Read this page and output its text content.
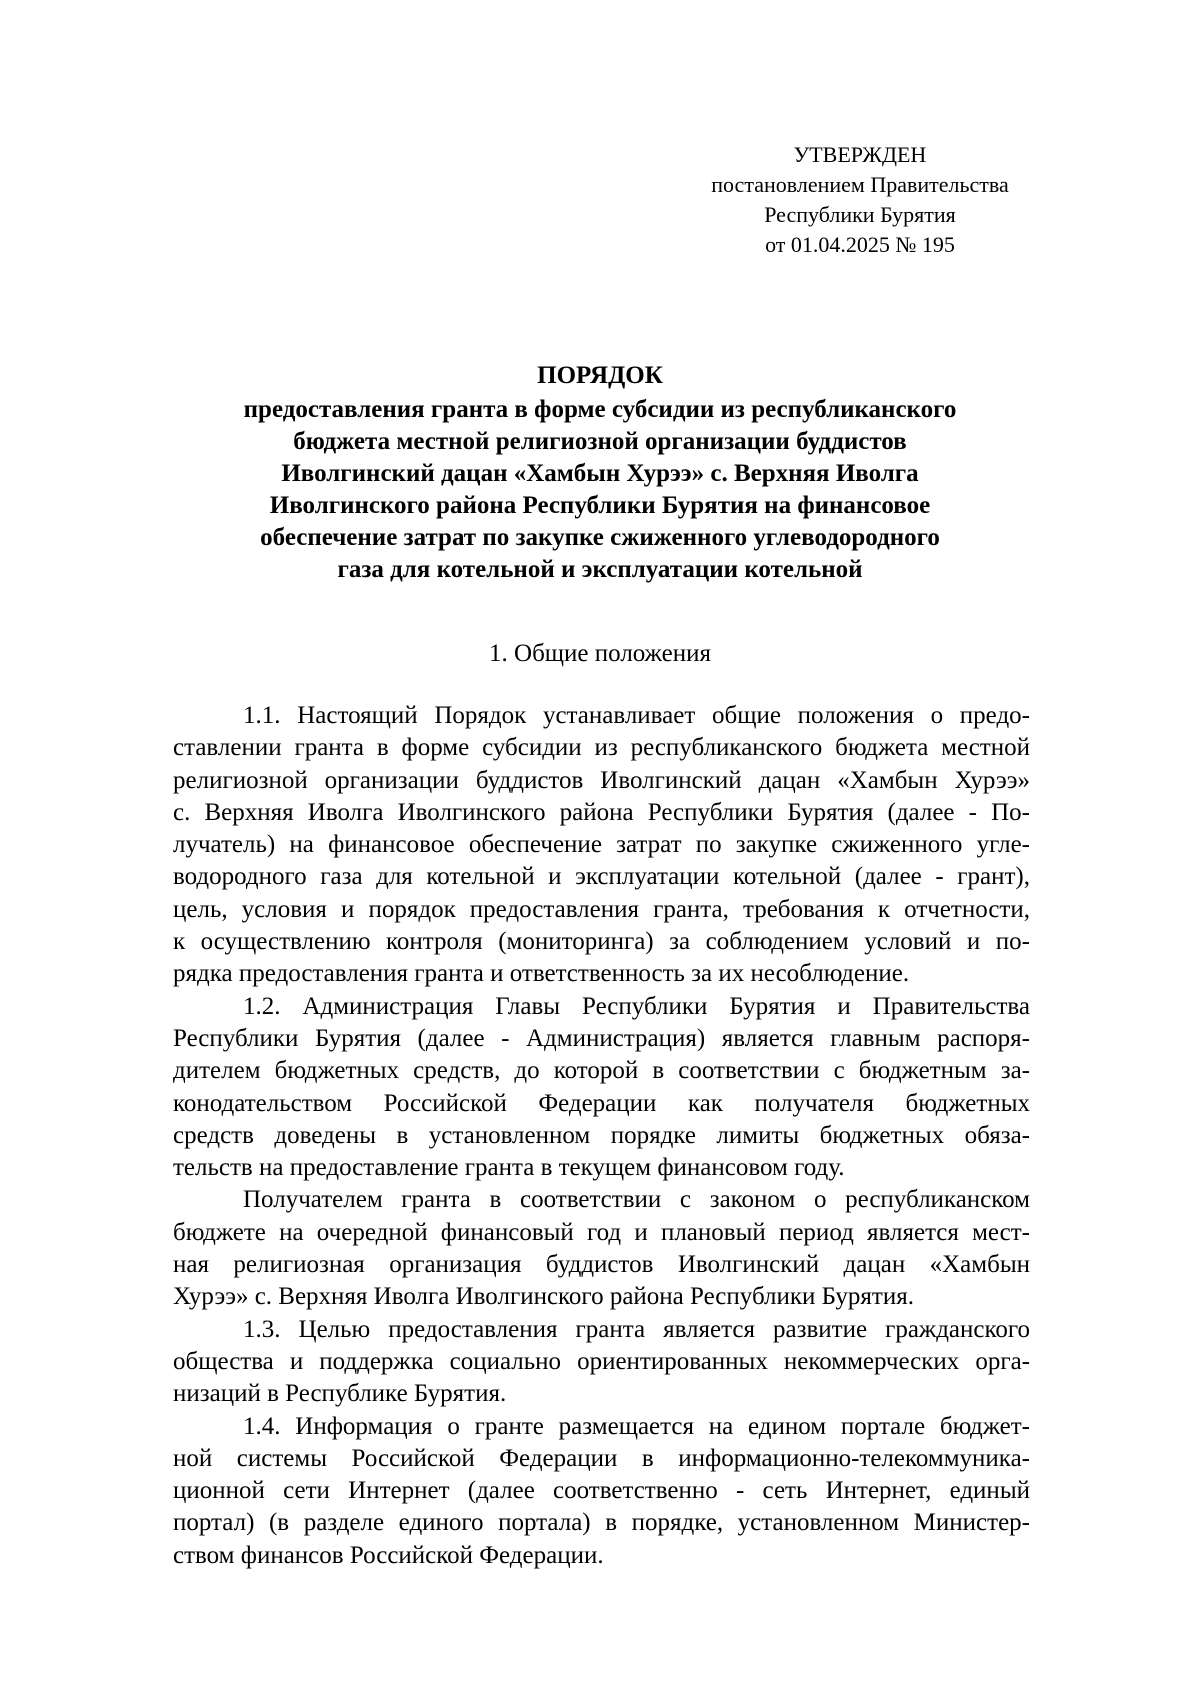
УТВЕРЖДЕН
постановлением Правительства
Республики Бурятия
от 01.04.2025 № 195
ПОРЯДОК
предоставления гранта в форме субсидии из республиканского
бюджета местной религиозной организации буддистов
Иволгинский дацан «Хамбын Хурээ» с. Верхняя Иволга
Иволгинского района Республики Бурятия на финансовое
обеспечение затрат по закупке сжиженного углеводородного
газа для котельной и эксплуатации котельной
1. Общие положения
1.1. Настоящий Порядок устанавливает общие положения о предо-
ставлении гранта в форме субсидии из республиканского бюджета местной
религиозной организации буддистов Иволгинский дацан «Хамбын Хурээ»
с. Верхняя Иволга Иволгинского района Республики Бурятия (далее - По-
лучатель) на финансовое обеспечение затрат по закупке сжиженного угле-
водородного газа для котельной и эксплуатации котельной (далее - грант),
цель, условия и порядок предоставления гранта, требования к отчетности,
к осуществлению контроля (мониторинга) за соблюдением условий и по-
рядка предоставления гранта и ответственность за их несоблюдение.
1.2. Администрация Главы Республики Бурятия и Правительства
Республики Бурятия (далее - Администрация) является главным распоря-
дителем бюджетных средств, до которой в соответствии с бюджетным за-
конодательством Российской Федерации как получателя бюджетных
средств доведены в установленном порядке лимиты бюджетных обяза-
тельств на предоставление гранта в текущем финансовом году.
Получателем гранта в соответствии с законом о республиканском
бюджете на очередной финансовый год и плановый период является мест-
ная религиозная организация буддистов Иволгинский дацан «Хамбын
Хурээ» с. Верхняя Иволга Иволгинского района Республики Бурятия.
1.3. Целью предоставления гранта является развитие гражданского
общества и поддержка социально ориентированных некоммерческих орга-
низаций в Республике Бурятия.
1.4. Информация о гранте размещается на едином портале бюджет-
ной системы Российской Федерации в информационно-телекоммуника-
ционной сети Интернет (далее соответственно - сеть Интернет, единый
портал) (в разделе единого портала) в порядке, установленном Министер-
ством финансов Российской Федерации.
